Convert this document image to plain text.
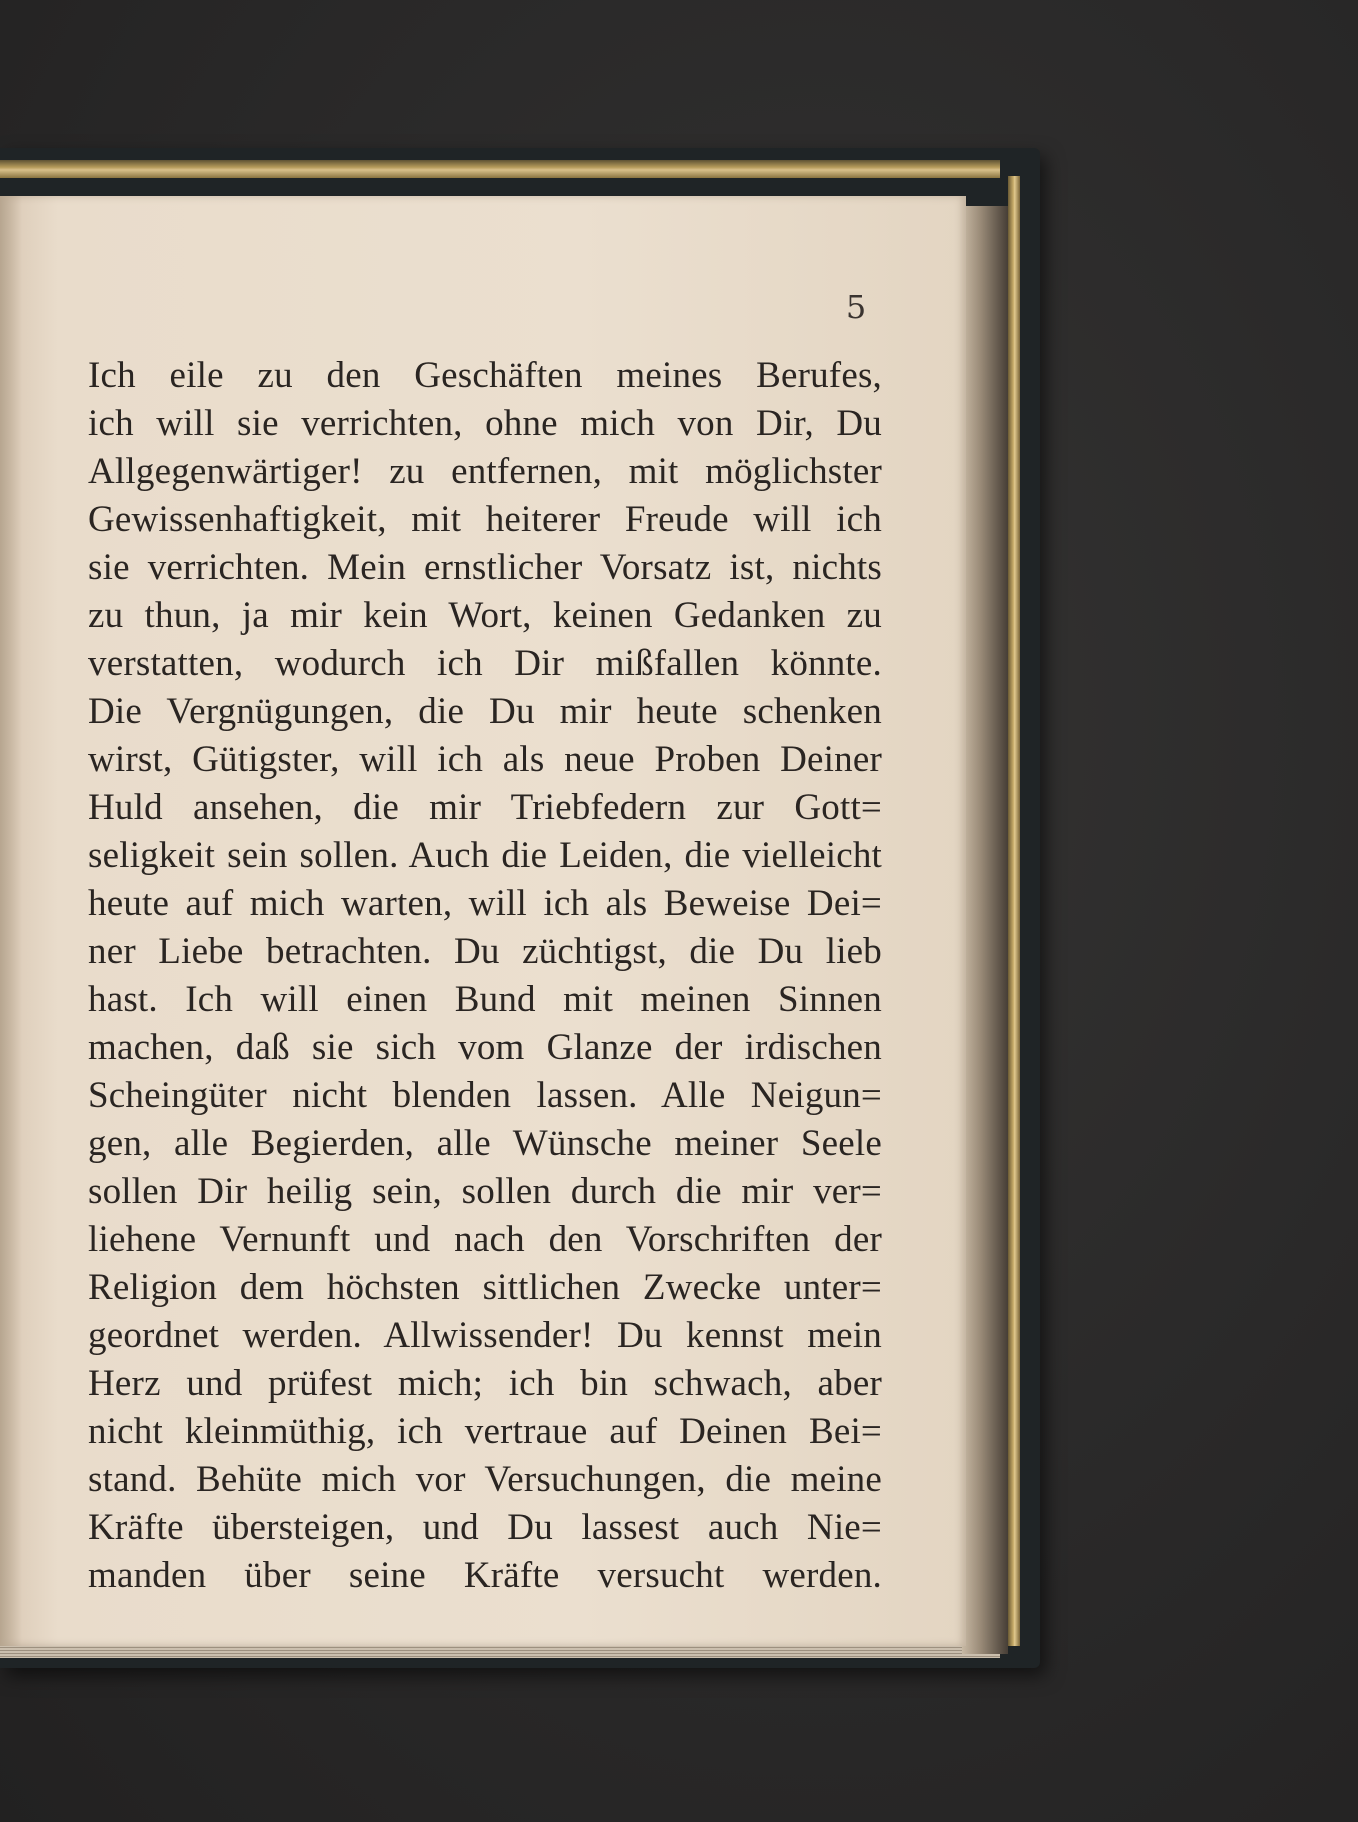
5
Ich eile zu den Geschäften meines Berufes,
ich will sie verrichten, ohne mich von Dir, Du
Allgegenwärtiger! zu entfernen, mit möglichster
Gewissenhaftigkeit, mit heiterer Freude will ich
sie verrichten. Mein ernstlicher Vorsatz ist, nichts
zu thun, ja mir kein Wort, keinen Gedanken zu
verstatten, wodurch ich Dir mißfallen könnte.
Die Vergnügungen, die Du mir heute schenken
wirst, Gütigster, will ich als neue Proben Deiner
Huld ansehen, die mir Triebfedern zur Gott=
seligkeit sein sollen. Auch die Leiden, die vielleicht
heute auf mich warten, will ich als Beweise Dei=
ner Liebe betrachten. Du züchtigst, die Du lieb
hast. Ich will einen Bund mit meinen Sinnen
machen, daß sie sich vom Glanze der irdischen
Scheingüter nicht blenden lassen. Alle Neigun=
gen, alle Begierden, alle Wünsche meiner Seele
sollen Dir heilig sein, sollen durch die mir ver=
liehene Vernunft und nach den Vorschriften der
Religion dem höchsten sittlichen Zwecke unter=
geordnet werden. Allwissender! Du kennst mein
Herz und prüfest mich; ich bin schwach, aber
nicht kleinmüthig, ich vertraue auf Deinen Bei=
stand. Behüte mich vor Versuchungen, die meine
Kräfte übersteigen, und Du lassest auch Nie=
manden über seine Kräfte versucht werden.
